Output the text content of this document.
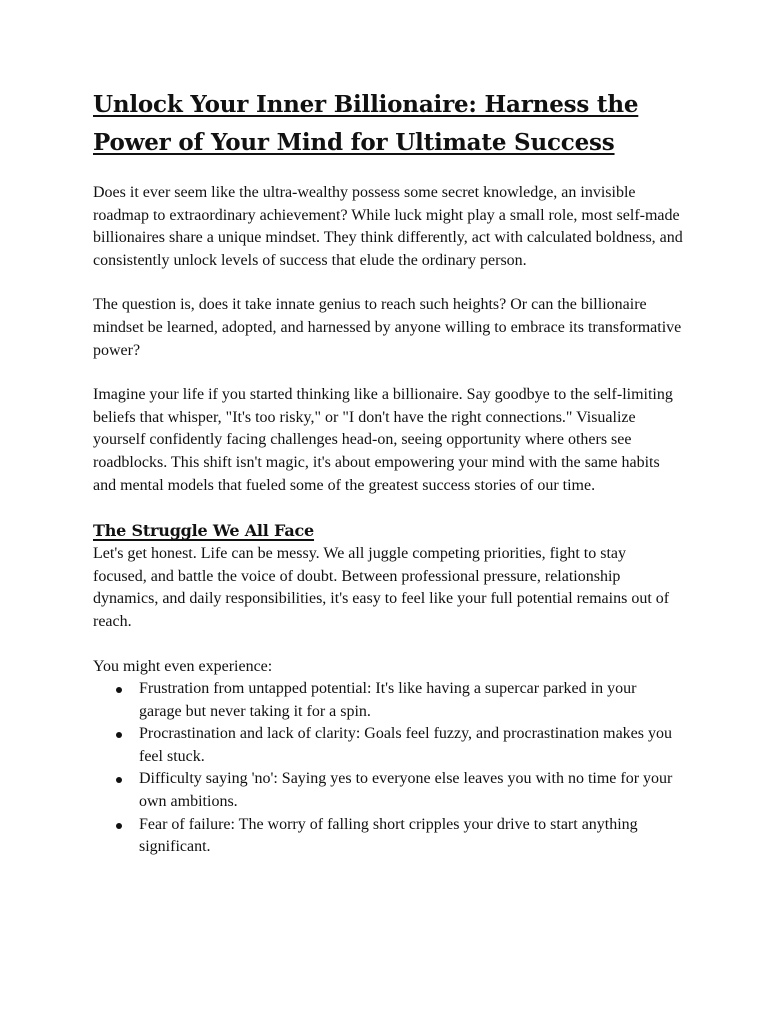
Unlock Your Inner Billionaire: Harness the Power of Your Mind for Ultimate Success

Does it ever seem like the ultra-wealthy possess some secret knowledge, an invisible roadmap to extraordinary achievement? While luck might play a small role, most self-made billionaires share a unique mindset. They think differently, act with calculated boldness, and consistently unlock levels of success that elude the ordinary person.

The question is, does it take innate genius to reach such heights? Or can the billionaire mindset be learned, adopted, and harnessed by anyone willing to embrace its transformative power?

Imagine your life if you started thinking like a billionaire. Say goodbye to the self-limiting beliefs that whisper, "It's too risky," or "I don't have the right connections." Visualize yourself confidently facing challenges head-on, seeing opportunity where others see roadblocks. This shift isn't magic, it's about empowering your mind with the same habits and mental models that fueled some of the greatest success stories of our time.

The Struggle We All Face

Let's get honest. Life can be messy. We all juggle competing priorities, fight to stay focused, and battle the voice of doubt. Between professional pressure, relationship dynamics, and daily responsibilities, it's easy to feel like your full potential remains out of reach.

You might even experience:

Frustration from untapped potential: It's like having a supercar parked in your garage but never taking it for a spin.
Procrastination and lack of clarity: Goals feel fuzzy, and procrastination makes you feel stuck.
Difficulty saying 'no': Saying yes to everyone else leaves you with no time for your own ambitions.
Fear of failure: The worry of falling short cripples your drive to start anything significant.
